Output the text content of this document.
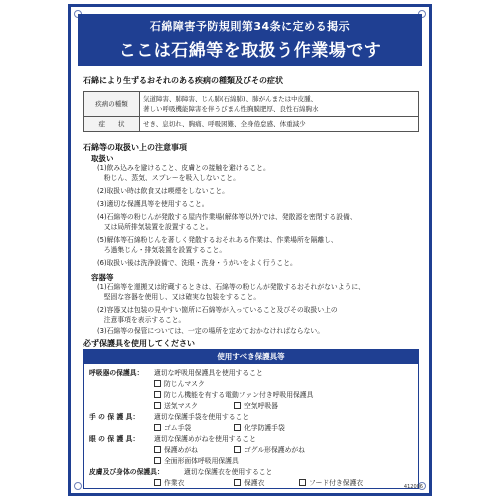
石綿障害予防規則第34条に定める掲示
ここは石綿等を取扱う作業場です
石綿により生ずるおそれのある疾病の種類及びその症状
疾病の種類	気道障害、肺障害、じん肺(石綿肺)、肺がんまたは中皮腫、
著しい呼吸機能障害を伴うびまん性胸膜肥厚、良性石綿胸水

症　　状	せき、息切れ、胸痛、呼吸困難、全身倦怠感、体重減少
石綿等の取扱い上の注意事項
取扱い
(1)飲み込みを避けること、皮膚との接触を避けること。
　粉じん、蒸気、スプレーを吸入しないこと。
(2)取扱い時は飲食又は喫煙をしないこと。
(3)適切な保護具等を使用すること。
(4)石綿等の粉じんが発散する屋内作業場(解体等以外)では、発散源を密閉する設備、
　又は局所排気装置を設置すること。
(5)解体等石綿粉じんを著しく発散するおそれある作業は、作業場所を隔離し、
　ろ過集じん・排気装置を設置すること。
(6)取扱い後は洗浄設備で、洗眼・洗身・うがいをよく行うこと。
容器等
(1)石綿等を運搬又は貯蔵するときは、石綿等の粉じんが発散するおそれがないように、
　堅固な容器を使用し、又は確実な包装をすること。
(2)容器又は包装の見やすい箇所に石綿等が入っていること及びその取扱い上の
　注意事項を表示すること。
(3)石綿等の保管については、一定の場所を定めておかなければならない。
必ず保護具を使用してください
使用すべき保護具等
呼吸器の保護具： 適切な呼吸用保護具を使用すること
防じんマスク
防じん機能を有する電動ファン付き呼吸用保護具
送気マスク	空気呼吸器
手 の 保 護 具： 適切な保護手袋を使用すること
ゴム手袋	化学防護手袋
眼 の 保 護 具： 適切な保護めがねを使用すること
保護めがね	ゴグル形保護めがね
全面形面体呼吸用保護具
皮膚及び身体の保護具：	適切な保護衣を使用すること
作業衣	保護衣	フード付き保護衣	412006
